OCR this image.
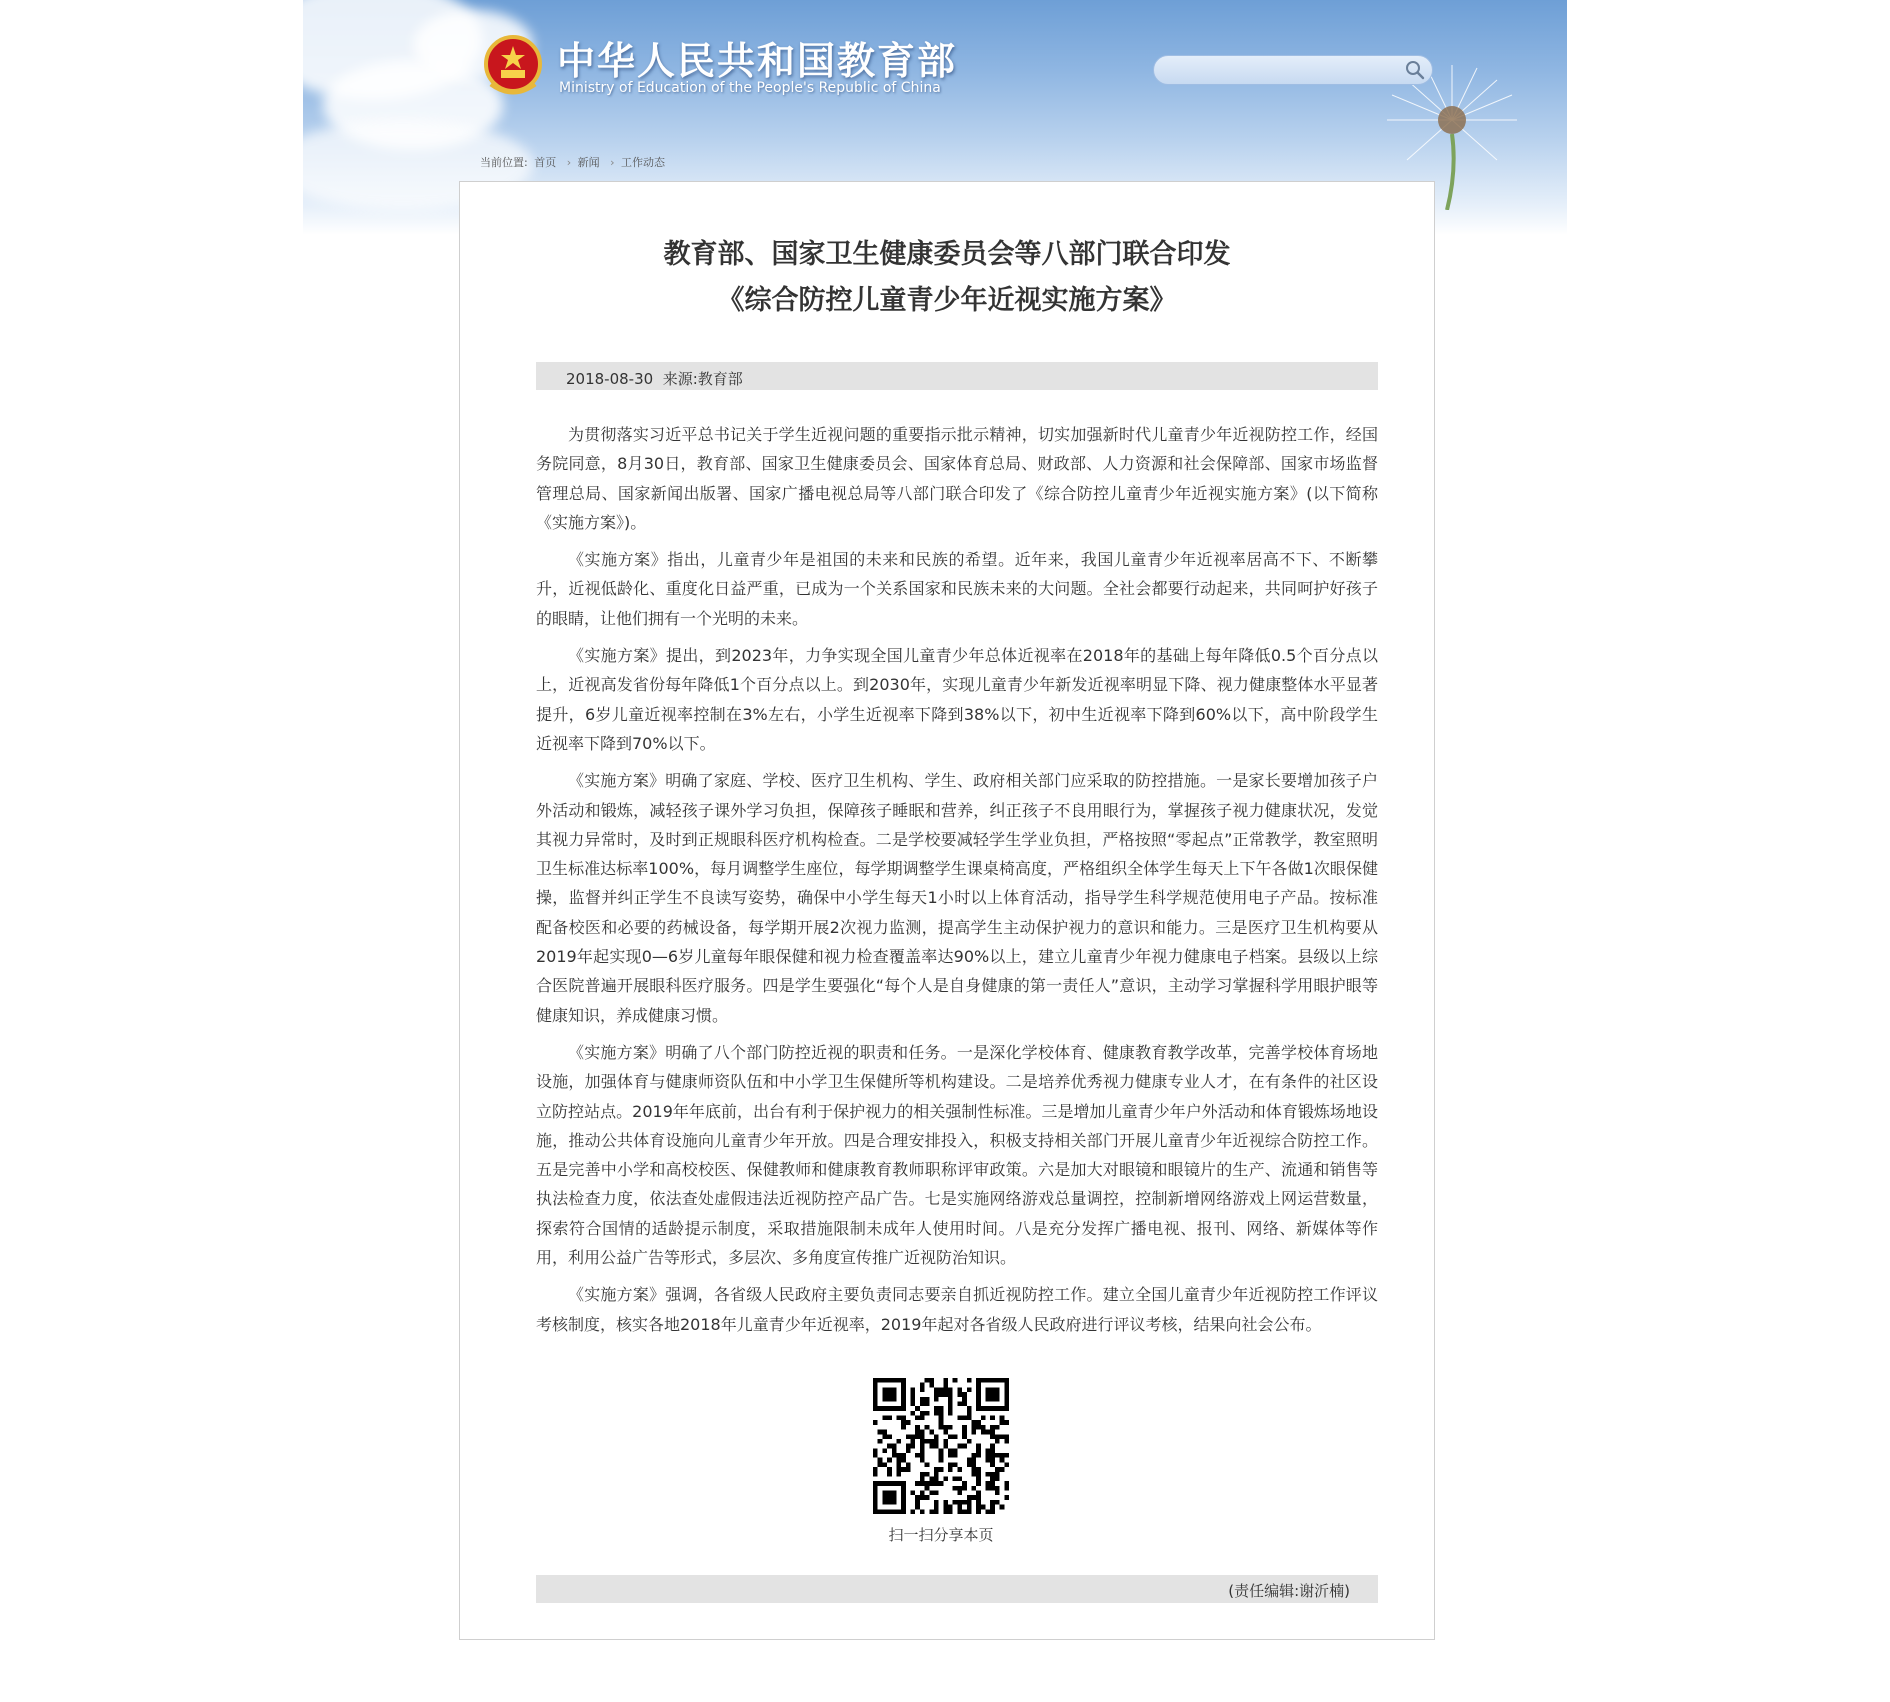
中华人民共和国教育部
Ministry of Education of the People's Republic of China
当前位置: 首页 › 新闻 › 工作动态
教育部、国家卫生健康委员会等八部门联合印发
《综合防控儿童青少年近视实施方案》
2018-08-30  来源:教育部

为贯彻落实习近平总书记关于学生近视问题的重要指示批示精神，切实加强新时代儿童青少年近视防控工作，经国务院同意，8月30日，教育部、国家卫生健康委员会、国家体育总局、财政部、人力资源和社会保障部、国家市场监督管理总局、国家新闻出版署、国家广播电视总局等八部门联合印发了《综合防控儿童青少年近视实施方案》(以下简称《实施方案》)。

《实施方案》指出，儿童青少年是祖国的未来和民族的希望。近年来，我国儿童青少年近视率居高不下、不断攀升，近视低龄化、重度化日益严重，已成为一个关系国家和民族未来的大问题。全社会都要行动起来，共同呵护好孩子的眼睛，让他们拥有一个光明的未来。

《实施方案》提出，到2023年，力争实现全国儿童青少年总体近视率在2018年的基础上每年降低0.5个百分点以上，近视高发省份每年降低1个百分点以上。到2030年，实现儿童青少年新发近视率明显下降、视力健康整体水平显著提升，6岁儿童近视率控制在3%左右，小学生近视率下降到38%以下，初中生近视率下降到60%以下，高中阶段学生近视率下降到70%以下。

《实施方案》明确了家庭、学校、医疗卫生机构、学生、政府相关部门应采取的防控措施。一是家长要增加孩子户外活动和锻炼，减轻孩子课外学习负担，保障孩子睡眠和营养，纠正孩子不良用眼行为，掌握孩子视力健康状况，发觉其视力异常时，及时到正规眼科医疗机构检查。二是学校要减轻学生学业负担，严格按照“零起点”正常教学，教室照明卫生标准达标率100%，每月调整学生座位，每学期调整学生课桌椅高度，严格组织全体学生每天上下午各做1次眼保健操，监督并纠正学生不良读写姿势，确保中小学生每天1小时以上体育活动，指导学生科学规范使用电子产品。按标准配备校医和必要的药械设备，每学期开展2次视力监测，提高学生主动保护视力的意识和能力。三是医疗卫生机构要从2019年起实现0—6岁儿童每年眼保健和视力检查覆盖率达90%以上，建立儿童青少年视力健康电子档案。县级以上综合医院普遍开展眼科医疗服务。四是学生要强化“每个人是自身健康的第一责任人”意识，主动学习掌握科学用眼护眼等健康知识，养成健康习惯。

《实施方案》明确了八个部门防控近视的职责和任务。一是深化学校体育、健康教育教学改革，完善学校体育场地设施，加强体育与健康师资队伍和中小学卫生保健所等机构建设。二是培养优秀视力健康专业人才，在有条件的社区设立防控站点。2019年年底前，出台有利于保护视力的相关强制性标准。三是增加儿童青少年户外活动和体育锻炼场地设施，推动公共体育设施向儿童青少年开放。四是合理安排投入，积极支持相关部门开展儿童青少年近视综合防控工作。五是完善中小学和高校校医、保健教师和健康教育教师职称评审政策。六是加大对眼镜和眼镜片的生产、流通和销售等执法检查力度，依法查处虚假违法近视防控产品广告。七是实施网络游戏总量调控，控制新增网络游戏上网运营数量，探索符合国情的适龄提示制度，采取措施限制未成年人使用时间。八是充分发挥广播电视、报刊、网络、新媒体等作用，利用公益广告等形式，多层次、多角度宣传推广近视防治知识。

《实施方案》强调，各省级人民政府主要负责同志要亲自抓近视防控工作。建立全国儿童青少年近视防控工作评议考核制度，核实各地2018年儿童青少年近视率，2019年起对各省级人民政府进行评议考核，结果向社会公布。

扫一扫分享本页
(责任编辑:谢沂楠)
